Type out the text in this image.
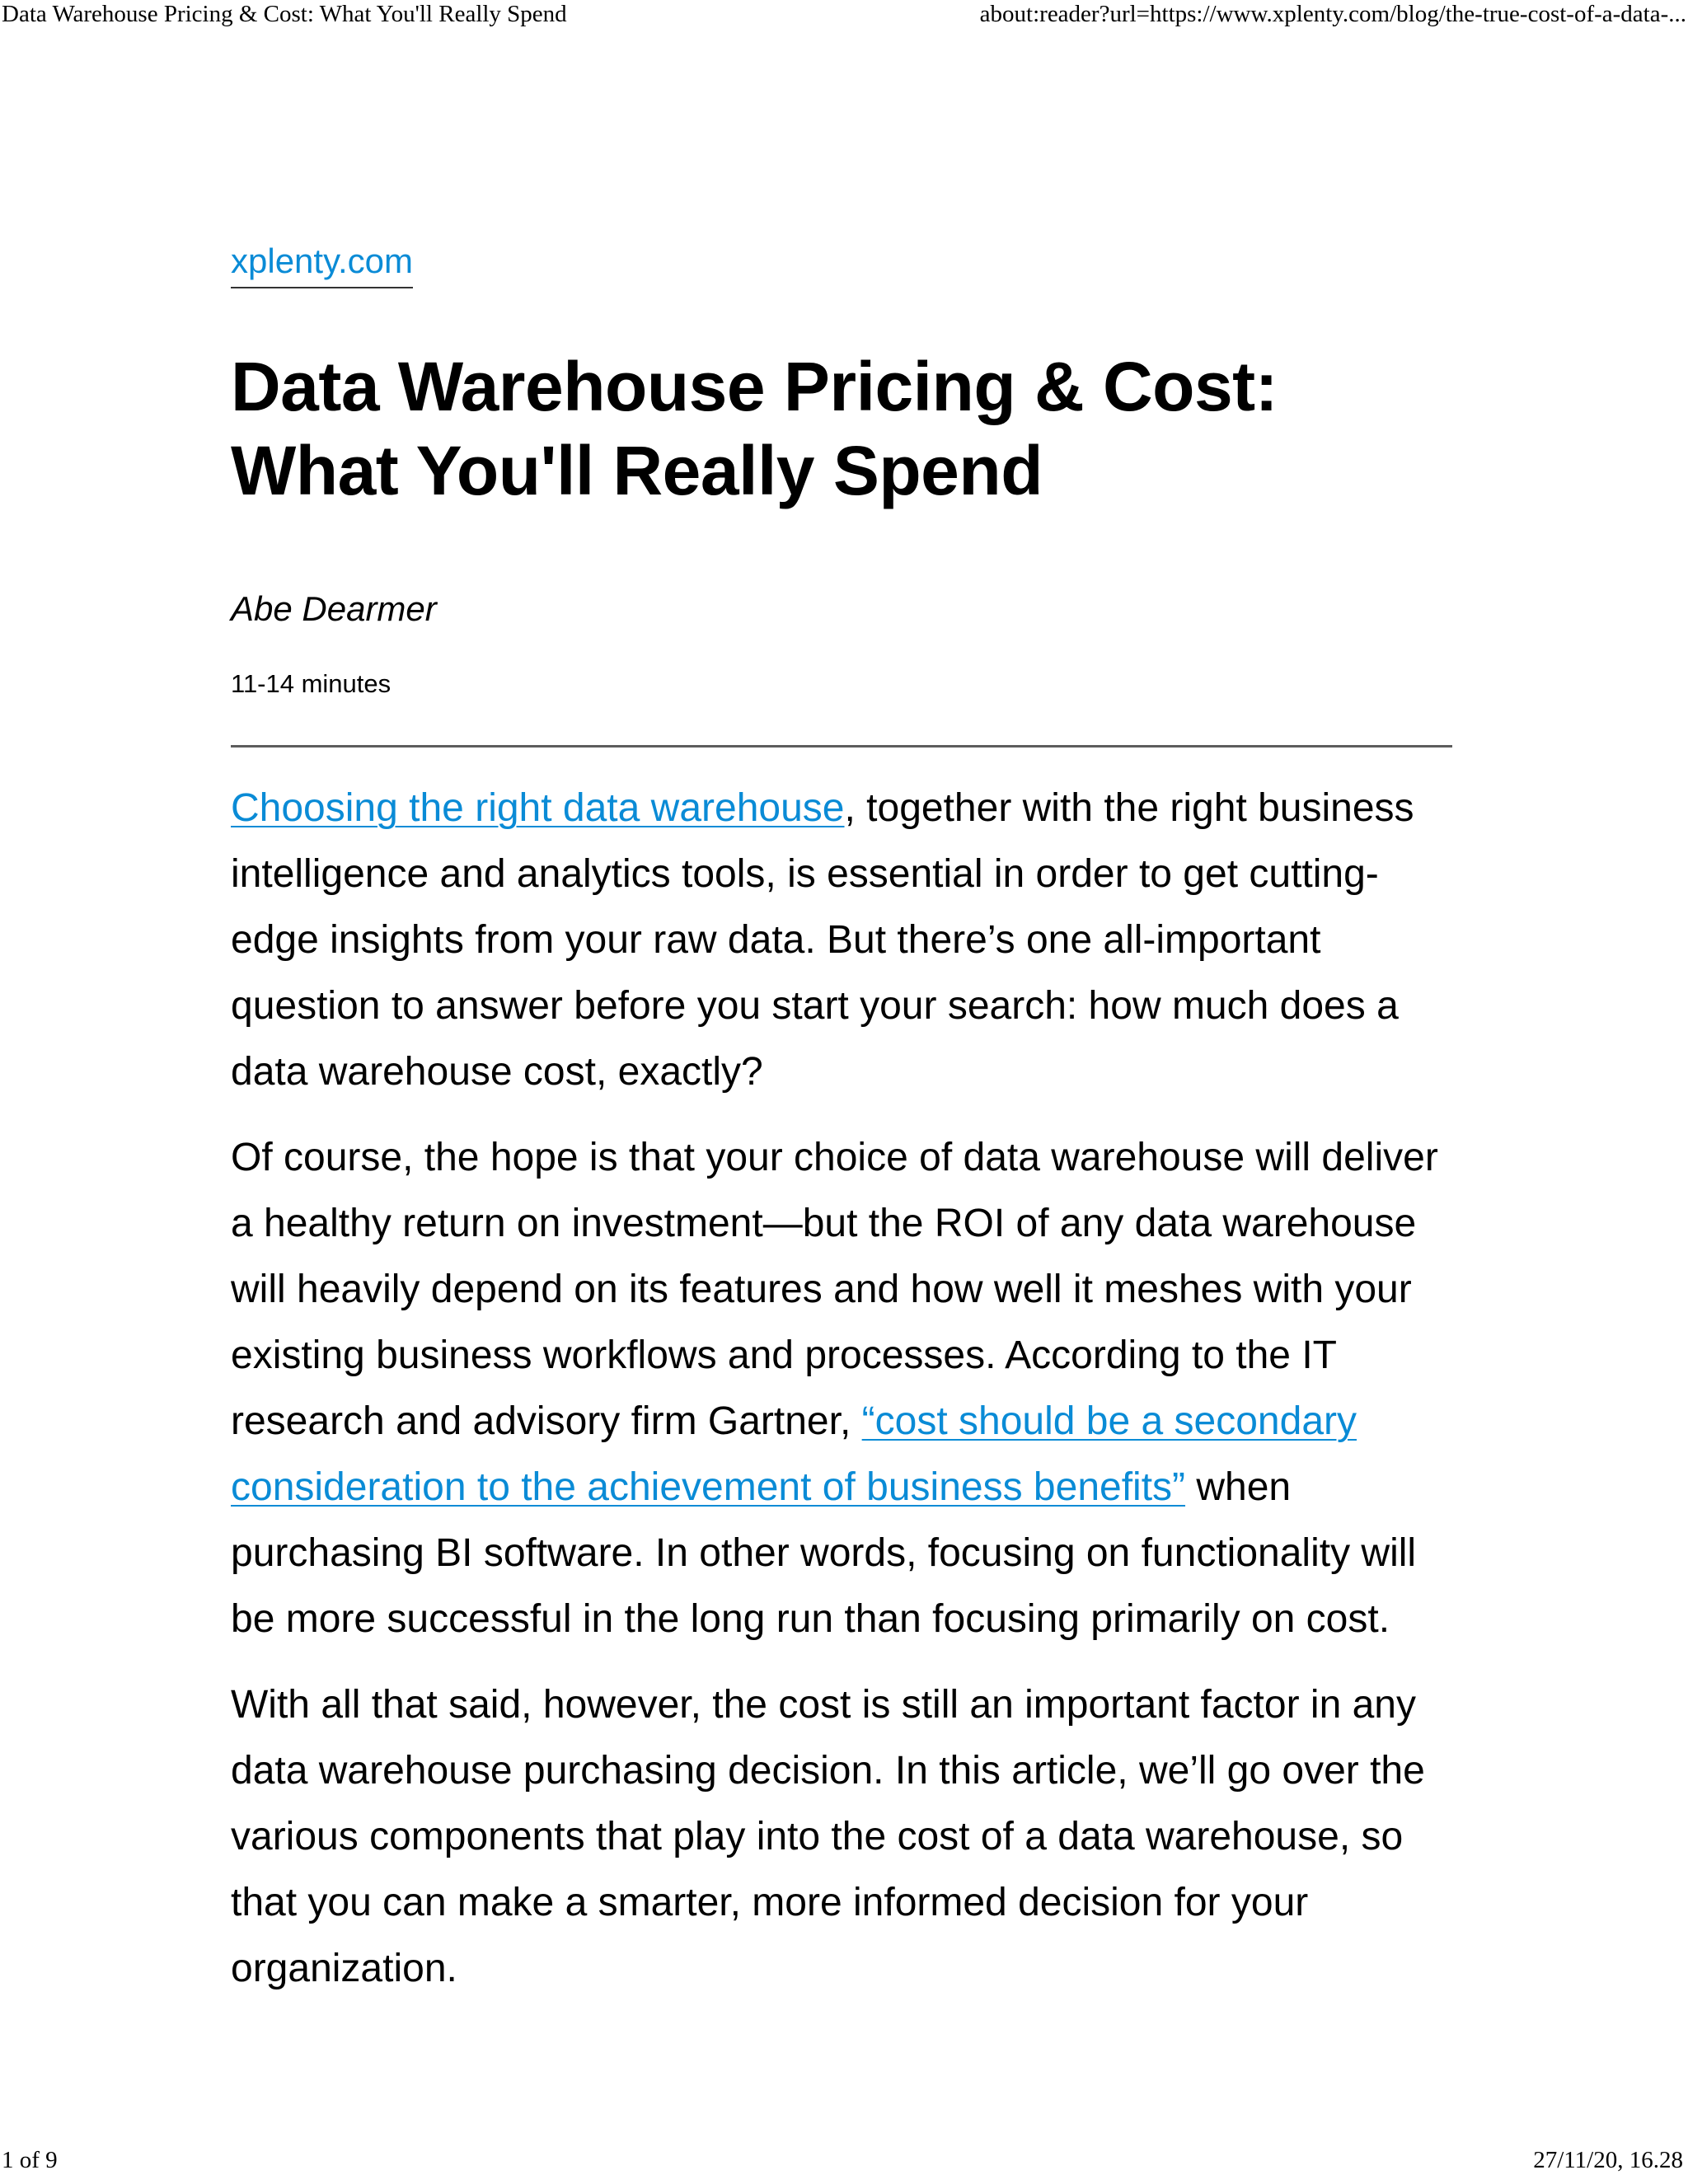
Data Warehouse Pricing & Cost: What You'll Really Spend	about:reader?url=https://www.xplenty.com/blog/the-true-cost-of-a-data-...
xplenty.com
Data Warehouse Pricing & Cost: What You'll Really Spend
Abe Dearmer
11-14 minutes

Choosing the right data warehouse, together with the right business intelligence and analytics tools, is essential in order to get cutting-edge insights from your raw data. But there’s one all-important question to answer before you start your search: how much does a data warehouse cost, exactly?

Of course, the hope is that your choice of data warehouse will deliver a healthy return on investment—but the ROI of any data warehouse will heavily depend on its features and how well it meshes with your existing business workflows and processes. According to the IT research and advisory firm Gartner, “cost should be a secondary consideration to the achievement of business benefits” when purchasing BI software. In other words, focusing on functionality will be more successful in the long run than focusing primarily on cost.

With all that said, however, the cost is still an important factor in any data warehouse purchasing decision. In this article, we’ll go over the various components that play into the cost of a data warehouse, so that you can make a smarter, more informed decision for your organization.

1 of 9	27/11/20, 16.28
